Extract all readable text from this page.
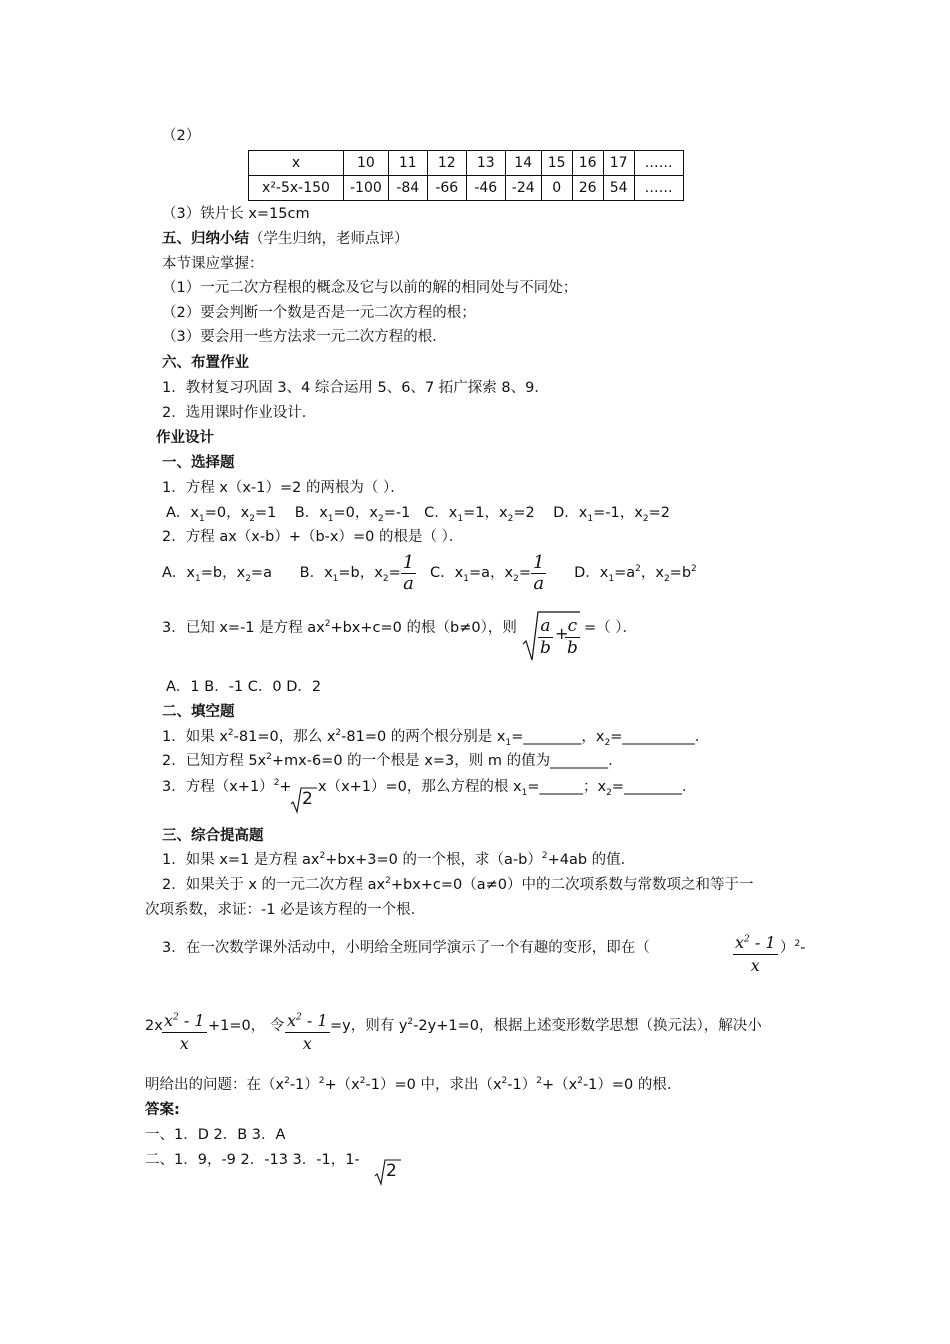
（2）
x	10	11	12	13	14	15	16	17	……
x²-5x-150	-100	-84	-66	-46	-24	0	26	54	……
（3）铁片长 x=15cm
五、归纳小结（学生归纳，老师点评）
本节课应掌握：
（1）一元二次方程根的概念及它与以前的解的相同处与不同处；
（2）要会判断一个数是否是一元二次方程的根；
（3）要会用一些方法求一元二次方程的根．
六、布置作业
1．教材复习巩固 3、4 综合运用 5、6、7 拓广探索 8、9．
2．选用课时作业设计．
作业设计
一、选择题
1．方程 x（x-1）=2 的两根为（ ）．
A．$x_1=0$，$x_2=1$ B．$x_1=0$，$x_2=-1$ C．$x_1=1$，$x_2=2$ D．$x_1=-1$，$x_2=2$
2．方程 ax（x-b）+（b-x）=0 的根是（ ）．
A．$x_1=b$，$x_2=a$ B．$x_1=b$，$x_2= \frac{1}{a}$ C．$x_1=a$，$x_2= \frac{1}{a}$ D．$x_1=a^2$，$x_2=b^2$
3．已知 x=-1 是方程 $ax^2+bx+c=0$ 的根（b≠0），则 $\frac{a}{b}$ +
$\frac{c}{b}$ =（ ）．
A．1 B．-1 C．0 D．2
二、填空题
1．如果 $x^2-81=0$，那么 $x^2-81=0$ 的两个根分别是 $x_1=\_\_\_\_\_\_\_\_$，$x_2=\_\_\_\_\_\_\_\_\_\_$．
2．已知方程 $5x^2+mx-6=0$ 的一个根是 x=3，则 m 的值为________．
3．方程$(x+1)^2+$
2
x（x+1）=0，那么方程的根 $x_1=\_\_\_\_\_\_$；$x_2=\_\_\_\_\_\_\_\_$．
三、综合提高题
1．如果 x=1 是方程 $ax^2+bx+3=0$ 的一个根，求$(a-b)^2+4ab$ 的值．
2．如果关于 x 的一元二次方程 $ax^2+bx+c=0(a\ne 0)$中的二次项系数与常数项之和等于一
次项系数，求证：-1 必是该方程的一个根．
3．在一次数学课外活动中，小明给全班同学演示了一个有趣的变形，即在（	$\frac{x^2 - 1}{x} )^2-$
$2x \frac{x^2 - 1}{x} +1=0$， 令 $\frac{x^2 - 1}{x} =y$，则有 $y^2-2y+1=0$，根据上述变形数学思想（换元法），解决小
明给出的问题：在$(x^2-1)^2+(x^2-1)=0$ 中，求出$(x^2-1)^2+(x^2-1)=0$ 的根．
答案:
一、1．D 2．B 3．A
二、1．9，-9 2．-13 3．-1，1-
2
